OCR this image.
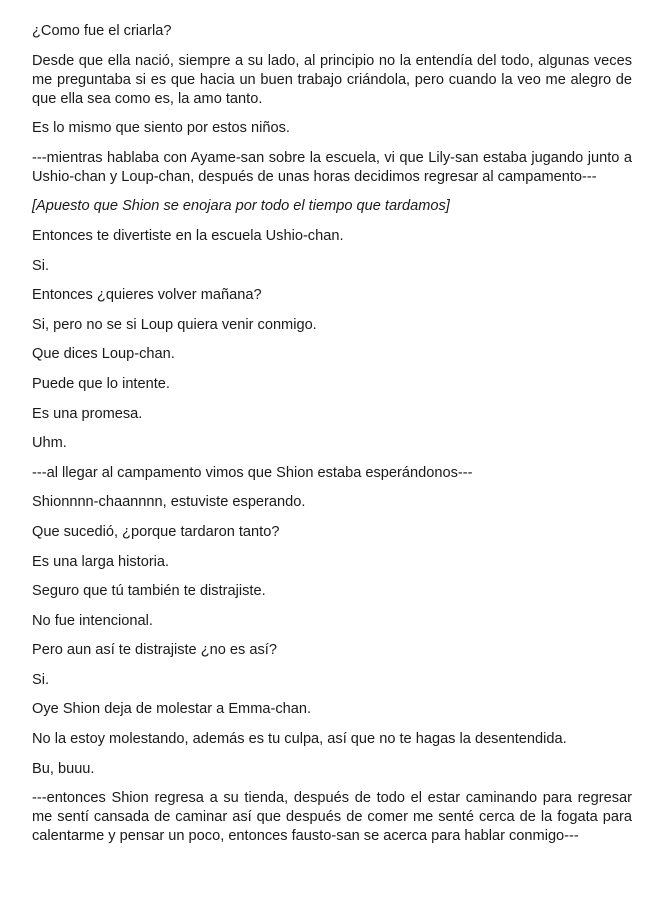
¿Como fue el criarla?

Desde que ella nació, siempre a su lado, al principio no la entendía del todo, algunas veces me preguntaba si es que hacia un buen trabajo criándola, pero cuando la veo me alegro de que ella sea como es, la amo tanto.

Es lo mismo que siento por estos niños.

---mientras hablaba con Ayame-san sobre la escuela, vi que Lily-san estaba jugando junto a Ushio-chan y Loup-chan, después de unas horas decidimos regresar al campamento---

[Apuesto que Shion se enojara por todo el tiempo que tardamos]

Entonces te divertiste en la escuela Ushio-chan.

Si.

Entonces ¿quieres volver mañana?

Si, pero no se si Loup quiera venir conmigo.

Que dices Loup-chan.

Puede que lo intente.

Es una promesa.

Uhm.

---al llegar al campamento vimos que Shion estaba esperándonos---

Shionnnn-chaannnn, estuviste esperando.

Que sucedió, ¿porque tardaron tanto?

Es una larga historia.

Seguro que tú también te distrajiste.

No fue intencional.

Pero aun así te distrajiste ¿no es así?

Si.

Oye Shion deja de molestar a Emma-chan.

No la estoy molestando, además es tu culpa, así que no te hagas la desentendida.

Bu, buuu.

---entonces Shion regresa a su tienda, después de todo el estar caminando para regresar me sentí cansada de caminar así que después de comer me senté cerca de la fogata para calentarme y pensar un poco, entonces fausto-san se acerca para hablar conmigo---
